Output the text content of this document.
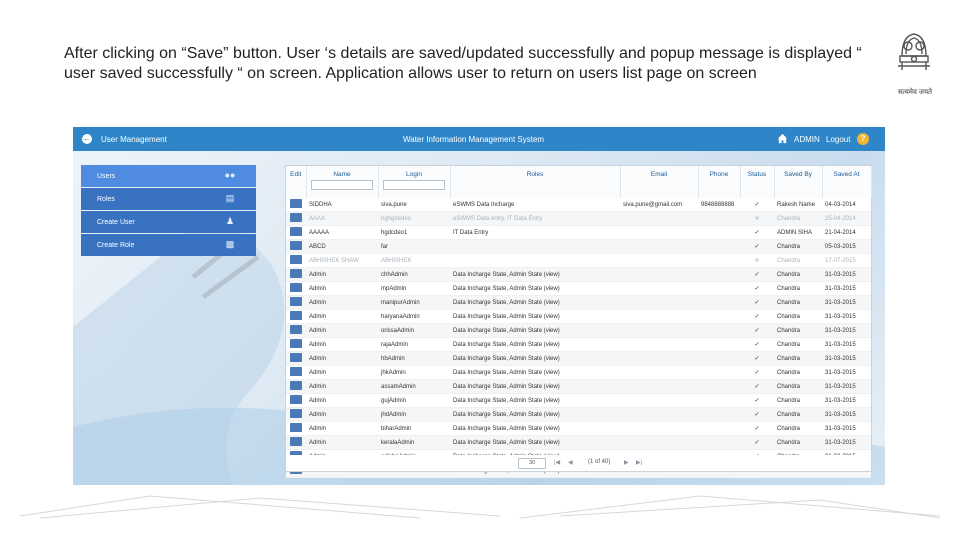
After clicking on “Save” button. User ‘s details are saved/updated successfully and popup message is displayed “ user saved successfully “ on screen. Application allows user to return on users list page on screen
सत्यमेव जयते
← User Management	Water Information Management System	ADMIN Logout	?
Users	●●
Roles	▤
Create User	♟
Create Role	▩
Edit	Name	Login	Roles	Email	Phone	Status	Saved By	Saved At

	SIDDHA	siva.pune	eSWMS Data Incharge	siva.pune@gmail.com	9848888888	✓	Rakesh Name	04-03-2014
	AAAA	hghgdedeo	eSWMS Data entry, IT Data Entry			✕	Chandra	25-04-2014
	AAAAA	hgdcdeo1	IT Data Entry			✓	ADMIN SIHA	21-04-2014
	ABCD	far				✓	Chandra	05-03-2015
	ABHISHEK SHAW	ABHISHEK				✕	Chandra	17-07-2015
	Admin	chhAdmin	Data Incharge State, Admin State (view)			✓	Chandra	31-03-2015
	Admin	mpAdmin	Data Incharge State, Admin State (view)			✓	Chandra	31-03-2015
	Admin	manipurAdmin	Data Incharge State, Admin State (view)			✓	Chandra	31-03-2015
	Admin	haryanaAdmin	Data Incharge State, Admin State (view)			✓	Chandra	31-03-2015
	Admin	orissaAdmin	Data Incharge State, Admin State (view)			✓	Chandra	31-03-2015
	Admin	rajaAdmin	Data Incharge State, Admin State (view)			✓	Chandra	31-03-2015
	Admin	hbAdmin	Data Incharge State, Admin State (view)			✓	Chandra	31-03-2015
	Admin	jhkAdmin	Data Incharge State, Admin State (view)			✓	Chandra	31-03-2015
	Admin	assamAdmin	Data Incharge State, Admin State (view)			✓	Chandra	31-03-2015
	Admin	gujAdmin	Data Incharge State, Admin State (view)			✓	Chandra	31-03-2015
	Admin	jhdAdmin	Data Incharge State, Admin State (view)			✓	Chandra	31-03-2015
	Admin	biharAdmin	Data Incharge State, Admin State (view)			✓	Chandra	31-03-2015
	Admin	keralaAdmin	Data Incharge State, Admin State (view)			✓	Chandra	31-03-2015

30	|◀ ◀	(1 of 40) ▶ ▶|
